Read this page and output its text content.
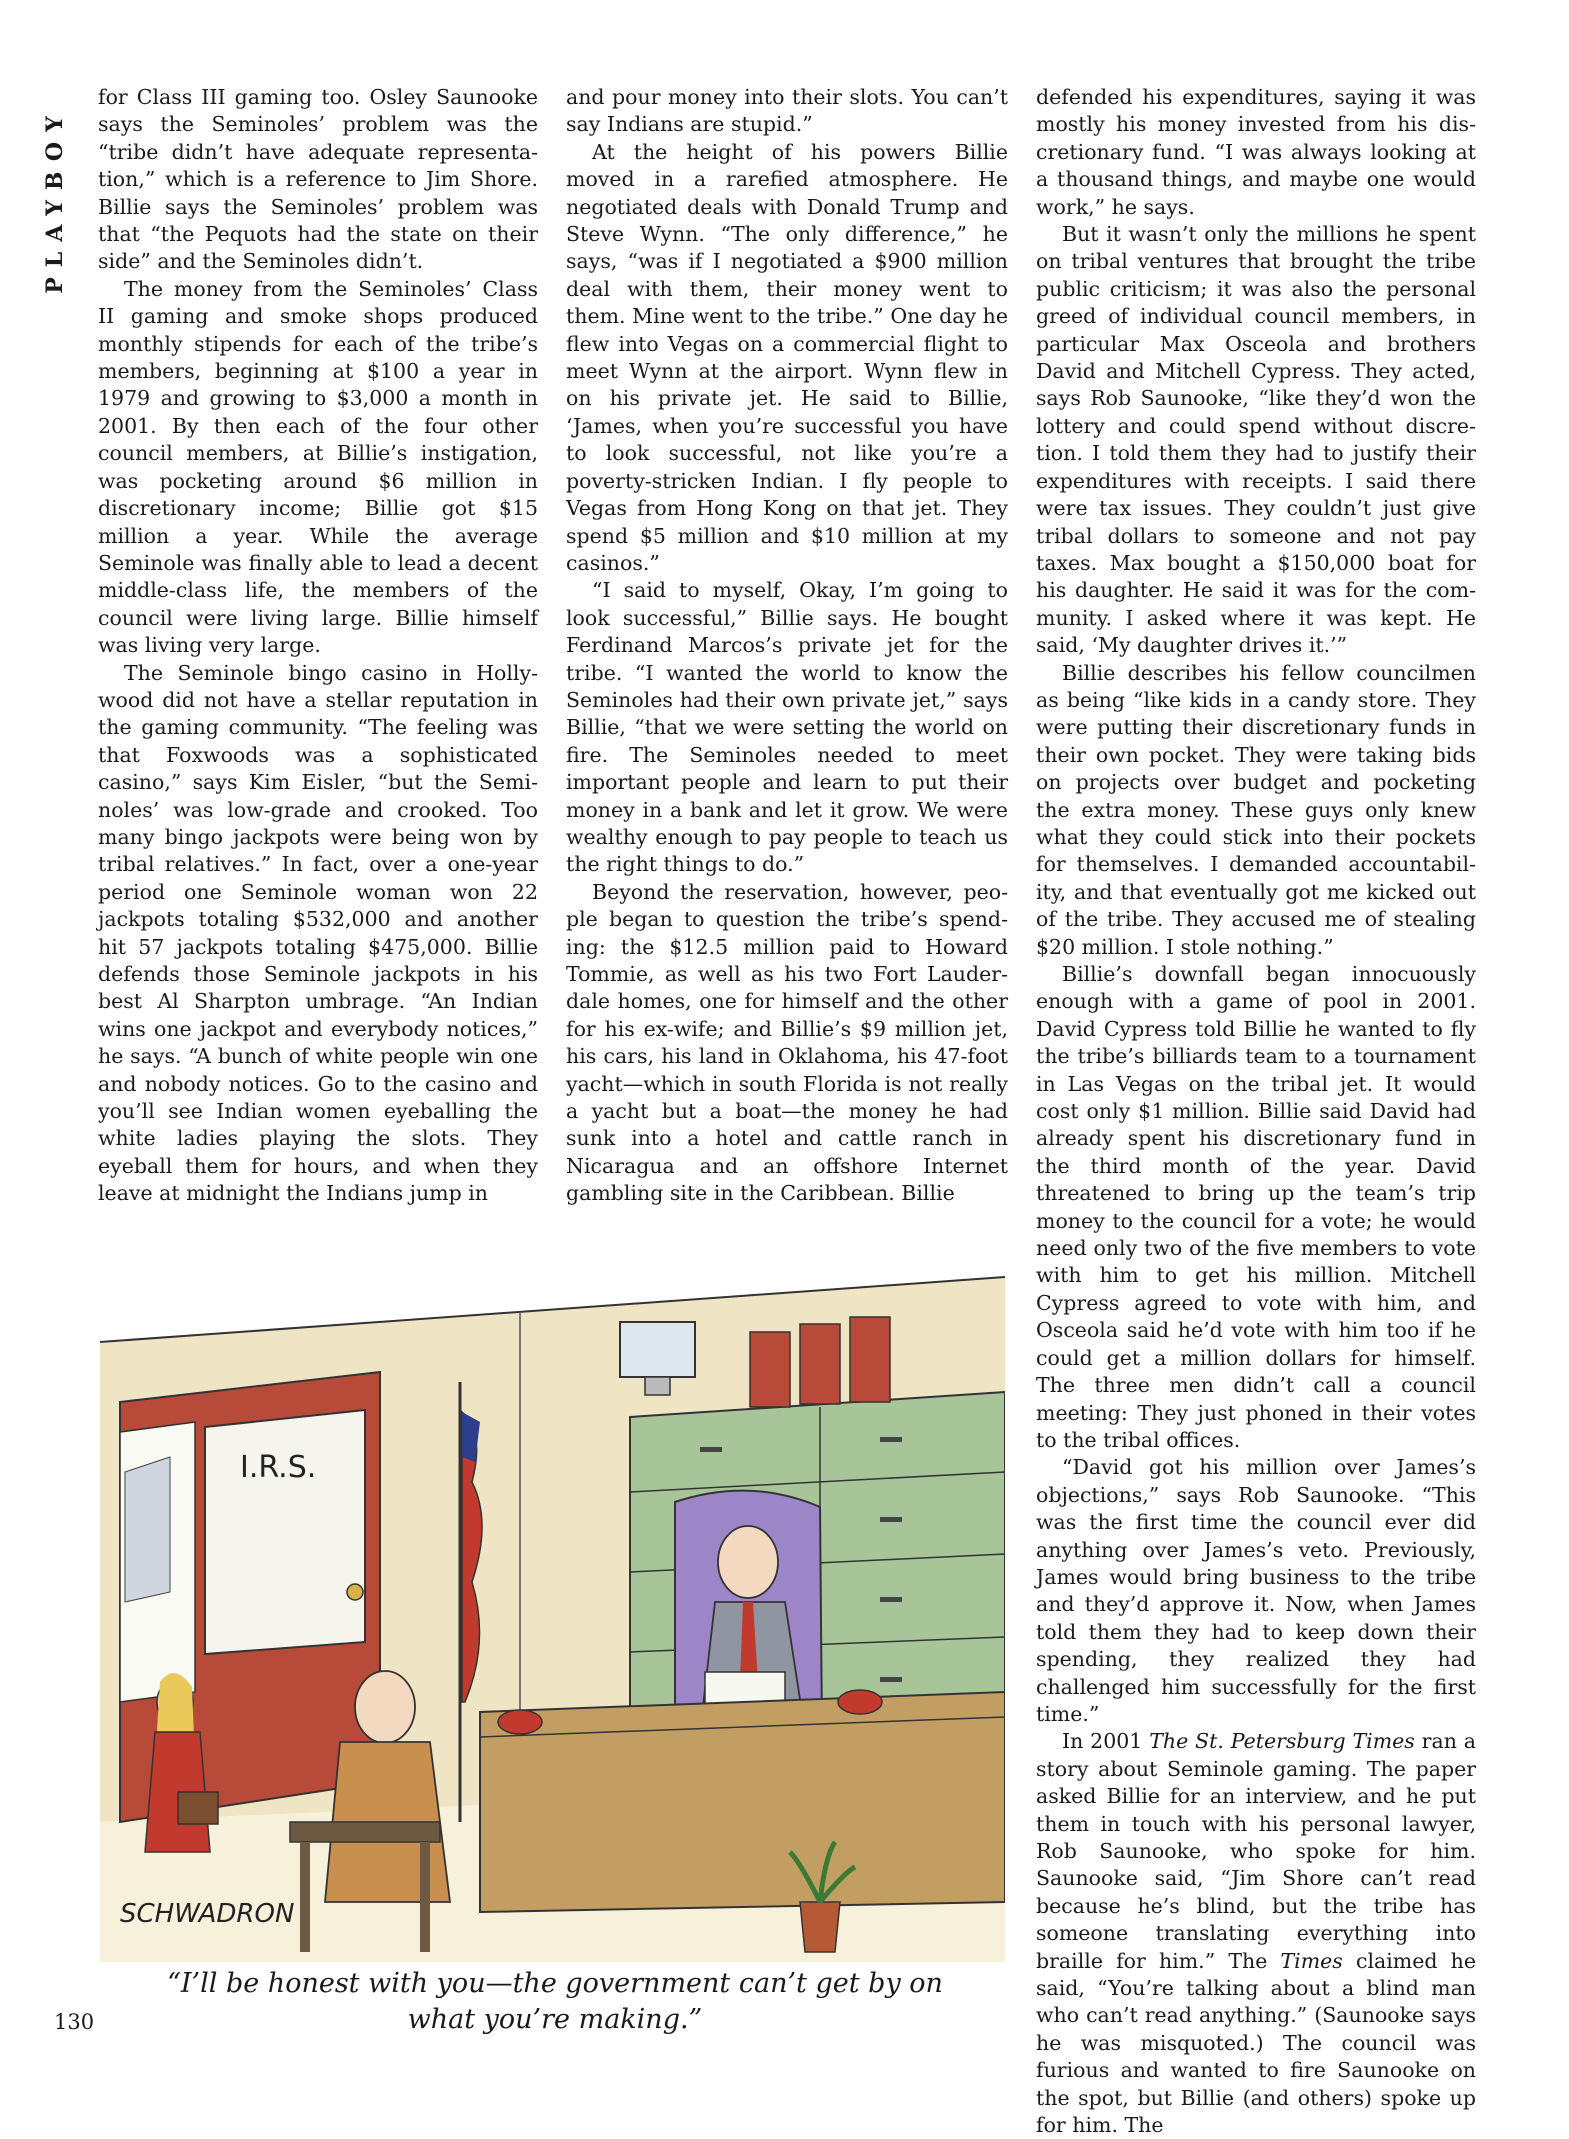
PLAYBOY

for Class III gaming too. Osley Saunooke says the Seminoles’ problem was the “tribe didn’t have adequate representation,” which is a reference to Jim Shore. Billie says the Seminoles’ problem was that “the Pequots had the state on their side” and the Seminoles didn’t.

The money from the Seminoles’ Class II gaming and smoke shops produced monthly stipends for each of the tribe’s members, beginning at $100 a year in 1979 and growing to $3,000 a month in 2001. By then each of the four other council members, at Billie’s instigation, was pocketing around $6 million in discretionary income; Billie got $15 million a year. While the average Seminole was finally able to lead a decent middle-class life, the members of the council were living large. Billie himself was living very large.

The Seminole bingo casino in Hollywood did not have a stellar reputation in the gaming community. “The feeling was that Foxwoods was a sophisticated casino,” says Kim Eisler, “but the Seminoles’ was low-grade and crooked. Too many bingo jackpots were being won by tribal relatives.” In fact, over a one-year period one Seminole woman won 22 jackpots totaling $532,000 and another hit 57 jackpots totaling $475,000. Billie defends those Seminole jackpots in his best Al Sharpton umbrage. “An Indian wins one jackpot and everybody notices,” he says. “A bunch of white people win one and nobody notices. Go to the casino and you’ll see Indian women eyeballing the white ladies playing the slots. They eyeball them for hours, and when they leave at midnight the Indians jump in

and pour money into their slots. You can’t say Indians are stupid.”

At the height of his powers Billie moved in a rarefied atmosphere. He negotiated deals with Donald Trump and Steve Wynn. “The only difference,” he says, “was if I negotiated a $900 million deal with them, their money went to them. Mine went to the tribe.” One day he flew into Vegas on a commercial flight to meet Wynn at the airport. Wynn flew in on his private jet. He said to Billie, ‘James, when you’re successful you have to look successful, not like you’re a poverty-stricken Indian. I fly people to Vegas from Hong Kong on that jet. They spend $5 million and $10 million at my casinos.”

“I said to myself, Okay, I’m going to look successful,” Billie says. He bought Ferdinand Marcos’s private jet for the tribe. “I wanted the world to know the Seminoles had their own private jet,” says Billie, “that we were setting the world on fire. The Seminoles needed to meet important people and learn to put their money in a bank and let it grow. We were wealthy enough to pay people to teach us the right things to do.”

Beyond the reservation, however, people began to question the tribe’s spending: the $12.5 million paid to Howard Tommie, as well as his two Fort Lauderdale homes, one for himself and the other for his ex-wife; and Billie’s $9 million jet, his cars, his land in Oklahoma, his 47-foot yacht—which in south Florida is not really a yacht but a boat—the money he had sunk into a hotel and cattle ranch in Nicaragua and an offshore Internet gambling site in the Caribbean. Billie

defended his expenditures, saying it was mostly his money invested from his discretionary fund. “I was always looking at a thousand things, and maybe one would work,” he says.

But it wasn’t only the millions he spent on tribal ventures that brought the tribe public criticism; it was also the personal greed of individual council members, in particular Max Osceola and brothers David and Mitchell Cypress. They acted, says Rob Saunooke, “like they’d won the lottery and could spend without discretion. I told them they had to justify their expenditures with receipts. I said there were tax issues. They couldn’t just give tribal dollars to someone and not pay taxes. Max bought a $150,000 boat for his daughter. He said it was for the community. I asked where it was kept. He said, ‘My daughter drives it.’”

Billie describes his fellow councilmen as being “like kids in a candy store. They were putting their discretionary funds in their own pocket. They were taking bids on projects over budget and pocketing the extra money. These guys only knew what they could stick into their pockets for themselves. I demanded accountability, and that eventually got me kicked out of the tribe. They accused me of stealing $20 million. I stole nothing.”

Billie’s downfall began innocuously enough with a game of pool in 2001. David Cypress told Billie he wanted to fly the tribe’s billiards team to a tournament in Las Vegas on the tribal jet. It would cost only $1 million. Billie said David had already spent his discretionary fund in the third month of the year. David threatened to bring up the team’s trip money to the council for a vote; he would need only two of the five members to vote with him to get his million. Mitchell Cypress agreed to vote with him, and Osceola said he’d vote with him too if he could get a million dollars for himself. The three men didn’t call a council meeting: They just phoned in their votes to the tribal offices.

“David got his million over James’s objections,” says Rob Saunooke. “This was the first time the council ever did anything over James’s veto. Previously, James would bring business to the tribe and they’d approve it. Now, when James told them they had to keep down their spending, they realized they had challenged him successfully for the first time.”

In 2001 The St. Petersburg Times ran a story about Seminole gaming. The paper asked Billie for an interview, and he put them in touch with his personal lawyer, Rob Saunooke, who spoke for him. Saunooke said, “Jim Shore can’t read because he’s blind, but the tribe has someone translating everything into braille for him.” The Times claimed he said, “You’re talking about a blind man who can’t read anything.” (Saunooke says he was misquoted.) The council was furious and wanted to fire Saunooke on the spot, but Billie (and others) spoke up for him. The

I.R.S.
SCHWADRON
“I’ll be honest with you—the government can’t get by on what you’re making.”
130
